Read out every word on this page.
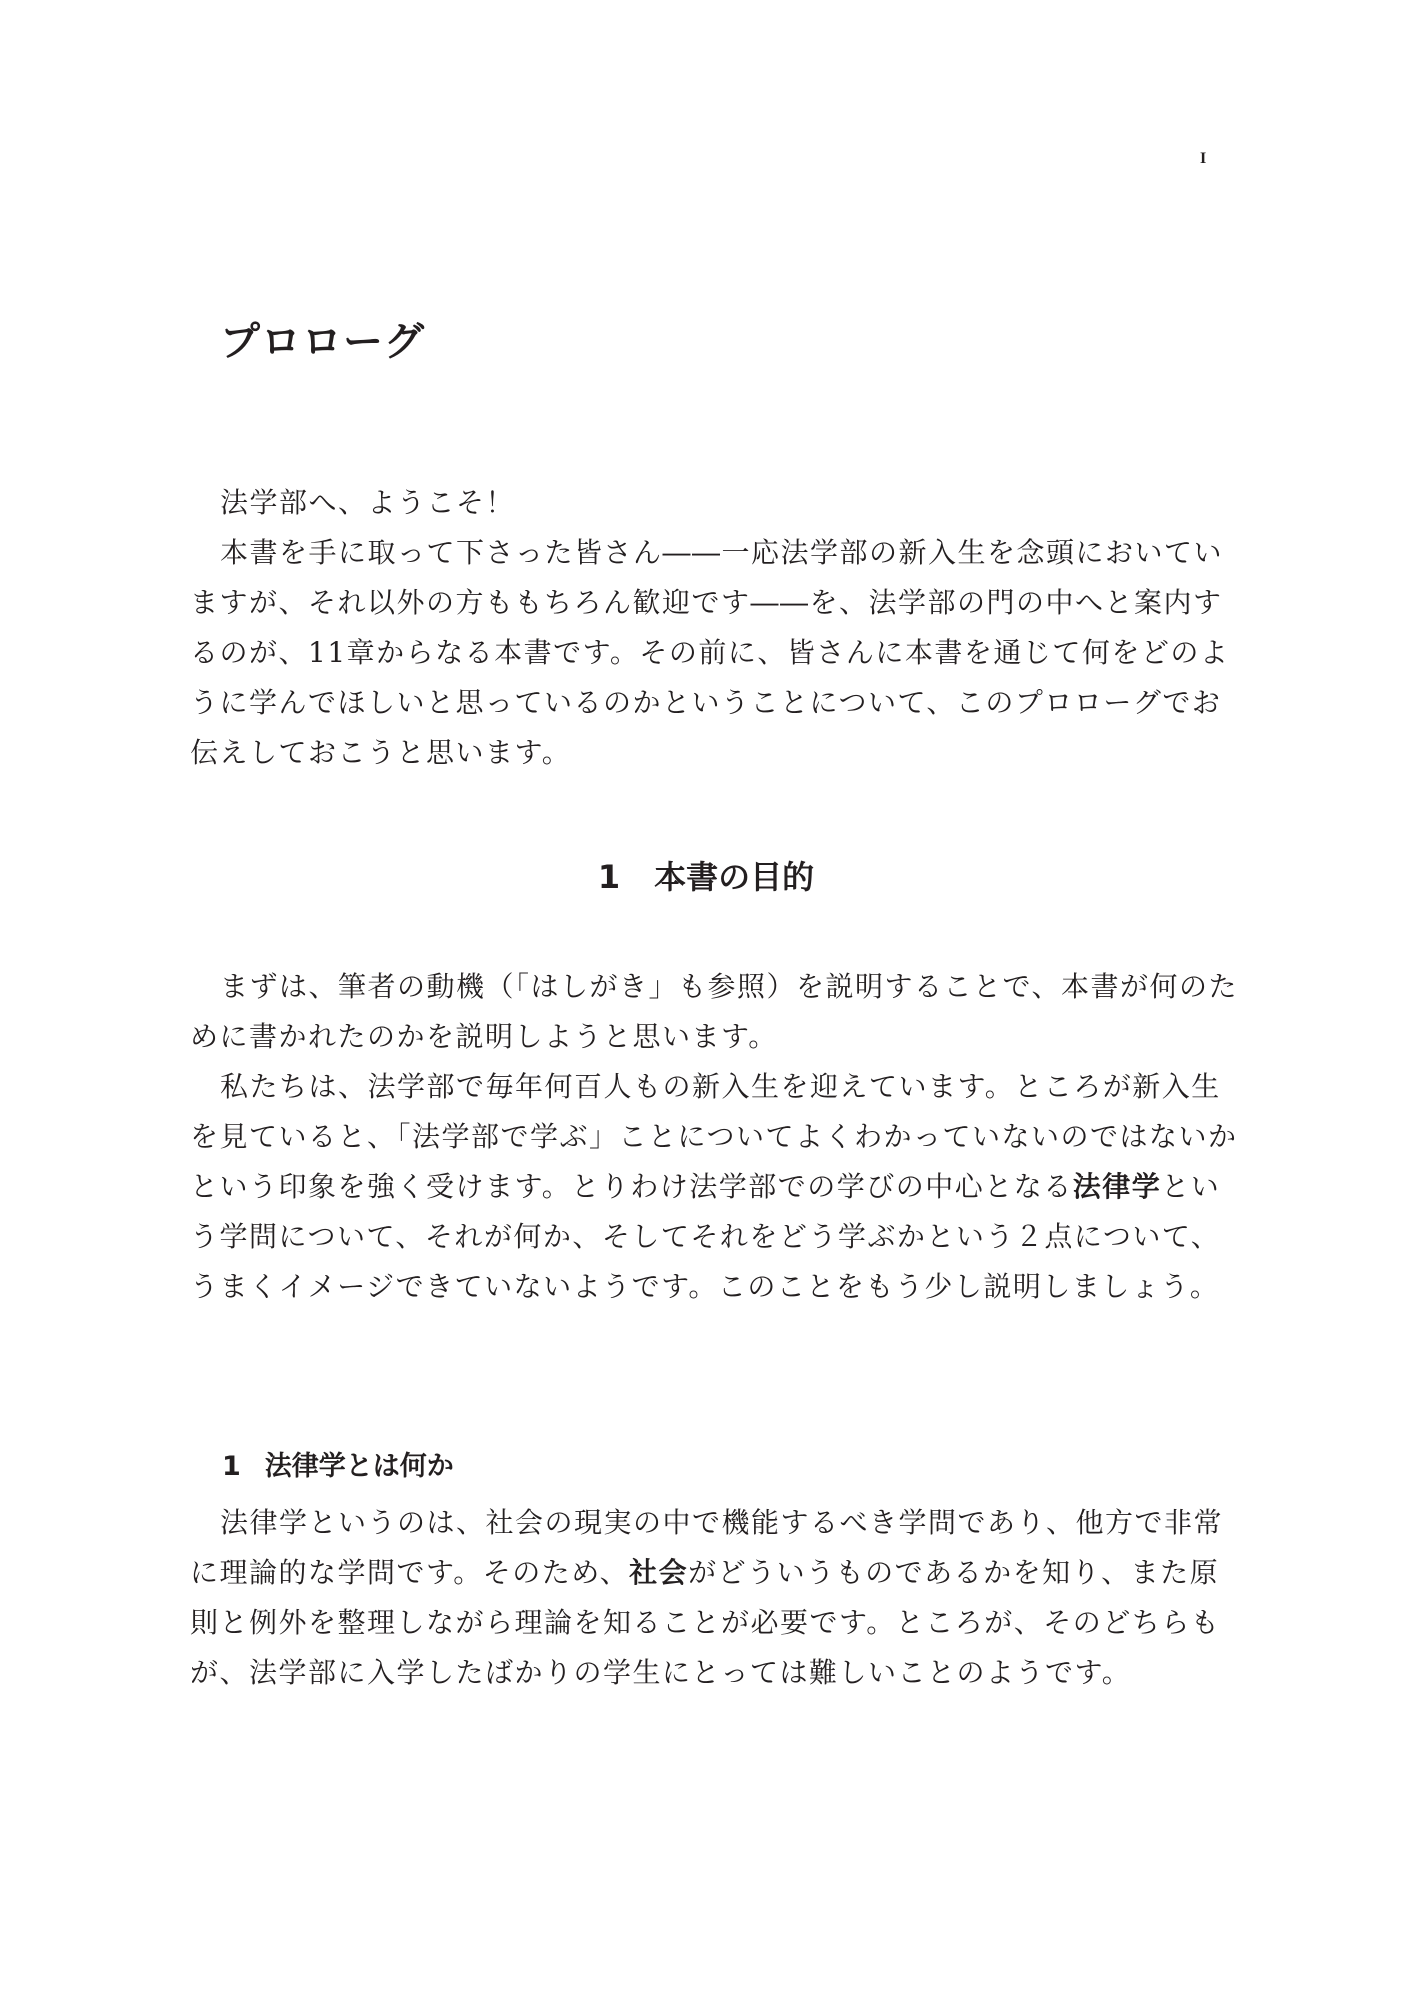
I
プロローグ

法学部へ、ようこそ！

本書を手に取って下さった皆さん――一応法学部の新入生を念頭においていますが、それ以外の方ももちろん歓迎です――を、法学部の門の中へと案内するのが、11章からなる本書です。その前に、皆さんに本書を通じて何をどのように学んでほしいと思っているのかということについて、このプロローグでお伝えしておこうと思います。

1 本書の目的

まずは、筆者の動機（「はしがき」も参照）を説明することで、本書が何のために書かれたのかを説明しようと思います。

私たちは、法学部で毎年何百人もの新入生を迎えています。ところが新入生を見ていると、「法学部で学ぶ」ことについてよくわかっていないのではないかという印象を強く受けます。とりわけ法学部での学びの中心となる法律学という学問について、それが何か、そしてそれをどう学ぶかという２点について、うまくイメージできていないようです。このことをもう少し説明しましょう。

1 法律学とは何か

法律学というのは、社会の現実の中で機能するべき学問であり、他方で非常に理論的な学問です。そのため、社会がどういうものであるかを知り、また原則と例外を整理しながら理論を知ることが必要です。ところが、そのどちらもが、法学部に入学したばかりの学生にとっては難しいことのようです。
